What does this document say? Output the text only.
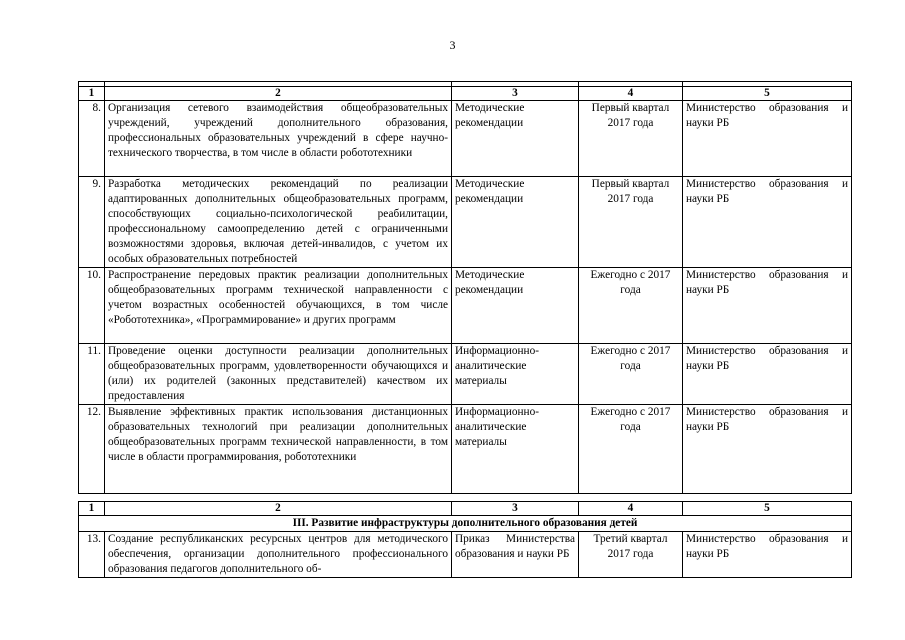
3

1	2	3	4	5
8.	Организация сетевого взаимодействия общеобразовательных учреждений, учреждений дополнительного образования, профессиональных образовательных учреждений в сфере научно-технического творчества, в том числе в области робототехники	Методические рекомендации	Первый квартал 2017 года	Министерство образования и науки РБ
9.	Разработка методических рекомендаций по реализации адаптированных дополнительных общеобразовательных программ, способствующих социально-психологической реабилитации, профессиональному самоопределению детей с ограниченными возможностями здоровья, включая детей-инвалидов, с учетом их особых образовательных потребностей	Методические рекомендации	Первый квартал 2017 года	Министерство образования и науки РБ
10.	Распространение передовых практик реализации дополнительных общеобразовательных программ технической направленности с учетом возрастных особенностей обучающихся, в том числе «Робототехника», «Программирование» и других программ	Методические рекомендации	Ежегодно с 2017 года	Министерство образования и науки РБ
11.	Проведение оценки доступности реализации дополнительных общеобразовательных программ, удовлетворенности обучающихся и (или) их родителей (законных представителей) качеством их предоставления	Информационно-аналитические материалы	Ежегодно с 2017 года	Министерство образования и науки РБ
12.	Выявление эффективных практик использования дистанционных образовательных технологий при реализации дополнительных общеобразовательных программ технической направленности, в том числе в области программирования, робототехники	Информационно-аналитические материалы	Ежегодно с 2017 года	Министерство образования и науки РБ
1	2	3	4	5
III. Развитие инфраструктуры дополнительного образования детей				
13.	Создание республиканских ресурсных центров для методического обеспечения, организации дополнительного профессионального образования педагогов дополнительного об-	Приказ Министерства образования и науки РБ	Третий квартал 2017 года	Министерство образования и науки РБ
